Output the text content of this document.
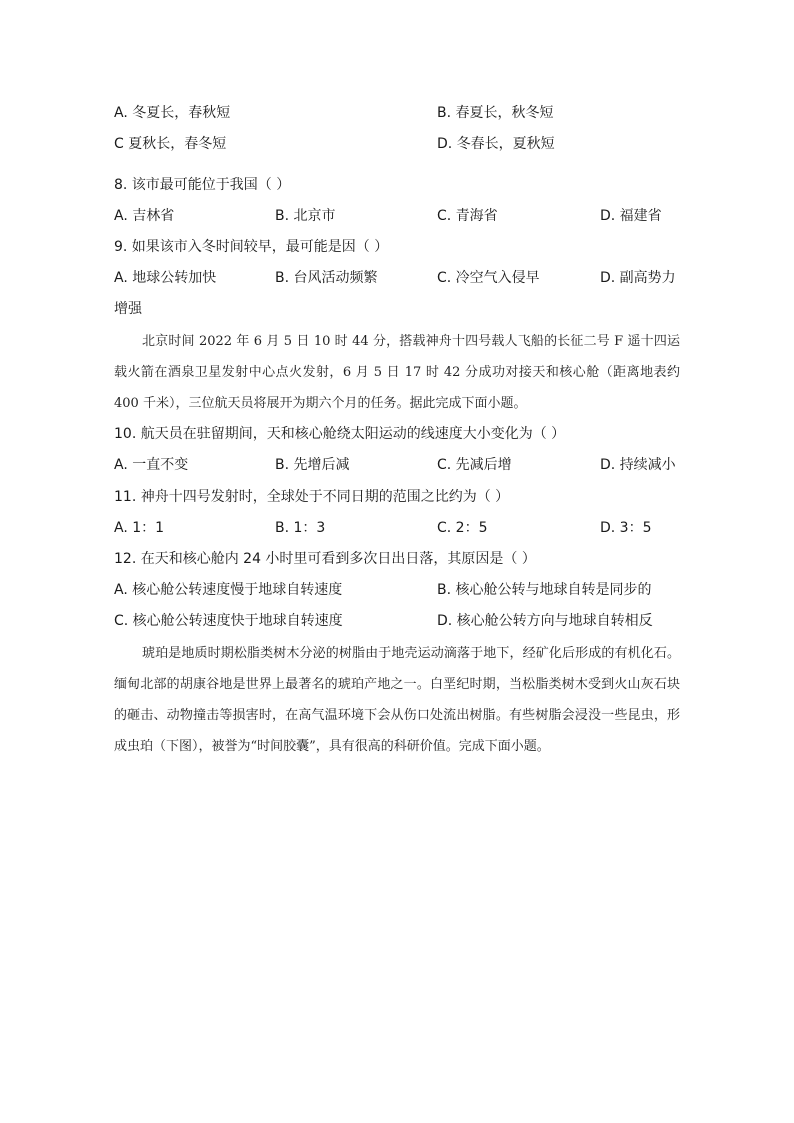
A. 冬夏长，春秋短	B. 春夏长，秋冬短
C 夏秋长，春冬短	D. 冬春长，夏秋短
8. 该市最可能位于我国（ ）
A. 吉林省	B. 北京市	C. 青海省	D. 福建省
9. 如果该市入冬时间较早，最可能是因（ ）
A. 地球公转加快	B. 台风活动频繁	C. 冷空气入侵早	D. 副高势力
增强
北京时间 2022 年 6 月 5 日 10 时 44 分，搭载神舟十四号载人飞船的长征二号 F 遥十四运载火箭在酒泉卫星发射中心点火发射，6 月 5 日 17 时 42 分成功对接天和核心舱（距离地表约 400 千米），三位航天员将展开为期六个月的任务。据此完成下面小题。
10. 航天员在驻留期间，天和核心舱绕太阳运动的线速度大小变化为（ ）
A. 一直不变	B. 先增后减	C. 先减后增	D. 持续减小
11. 神舟十四号发射时，全球处于不同日期的范围之比约为（ ）
A. 1：1	B. 1：3	C. 2：5	D. 3：5
12. 在天和核心舱内 24 小时里可看到多次日出日落，其原因是（ ）
A. 核心舱公转速度慢于地球自转速度	B. 核心舱公转与地球自转是同步的
C. 核心舱公转速度快于地球自转速度	D. 核心舱公转方向与地球自转相反
琥珀是地质时期松脂类树木分泌的树脂由于地壳运动滴落于地下，经矿化后形成的有机化石。缅甸北部的胡康谷地是世界上最著名的琥珀产地之一。白垩纪时期，当松脂类树木受到火山灰石块的砸击、动物撞击等损害时，在高气温环境下会从伤口处流出树脂。有些树脂会浸没一些昆虫，形成虫珀（下图），被誉为“时间胶囊”，具有很高的科研价值。完成下面小题。
